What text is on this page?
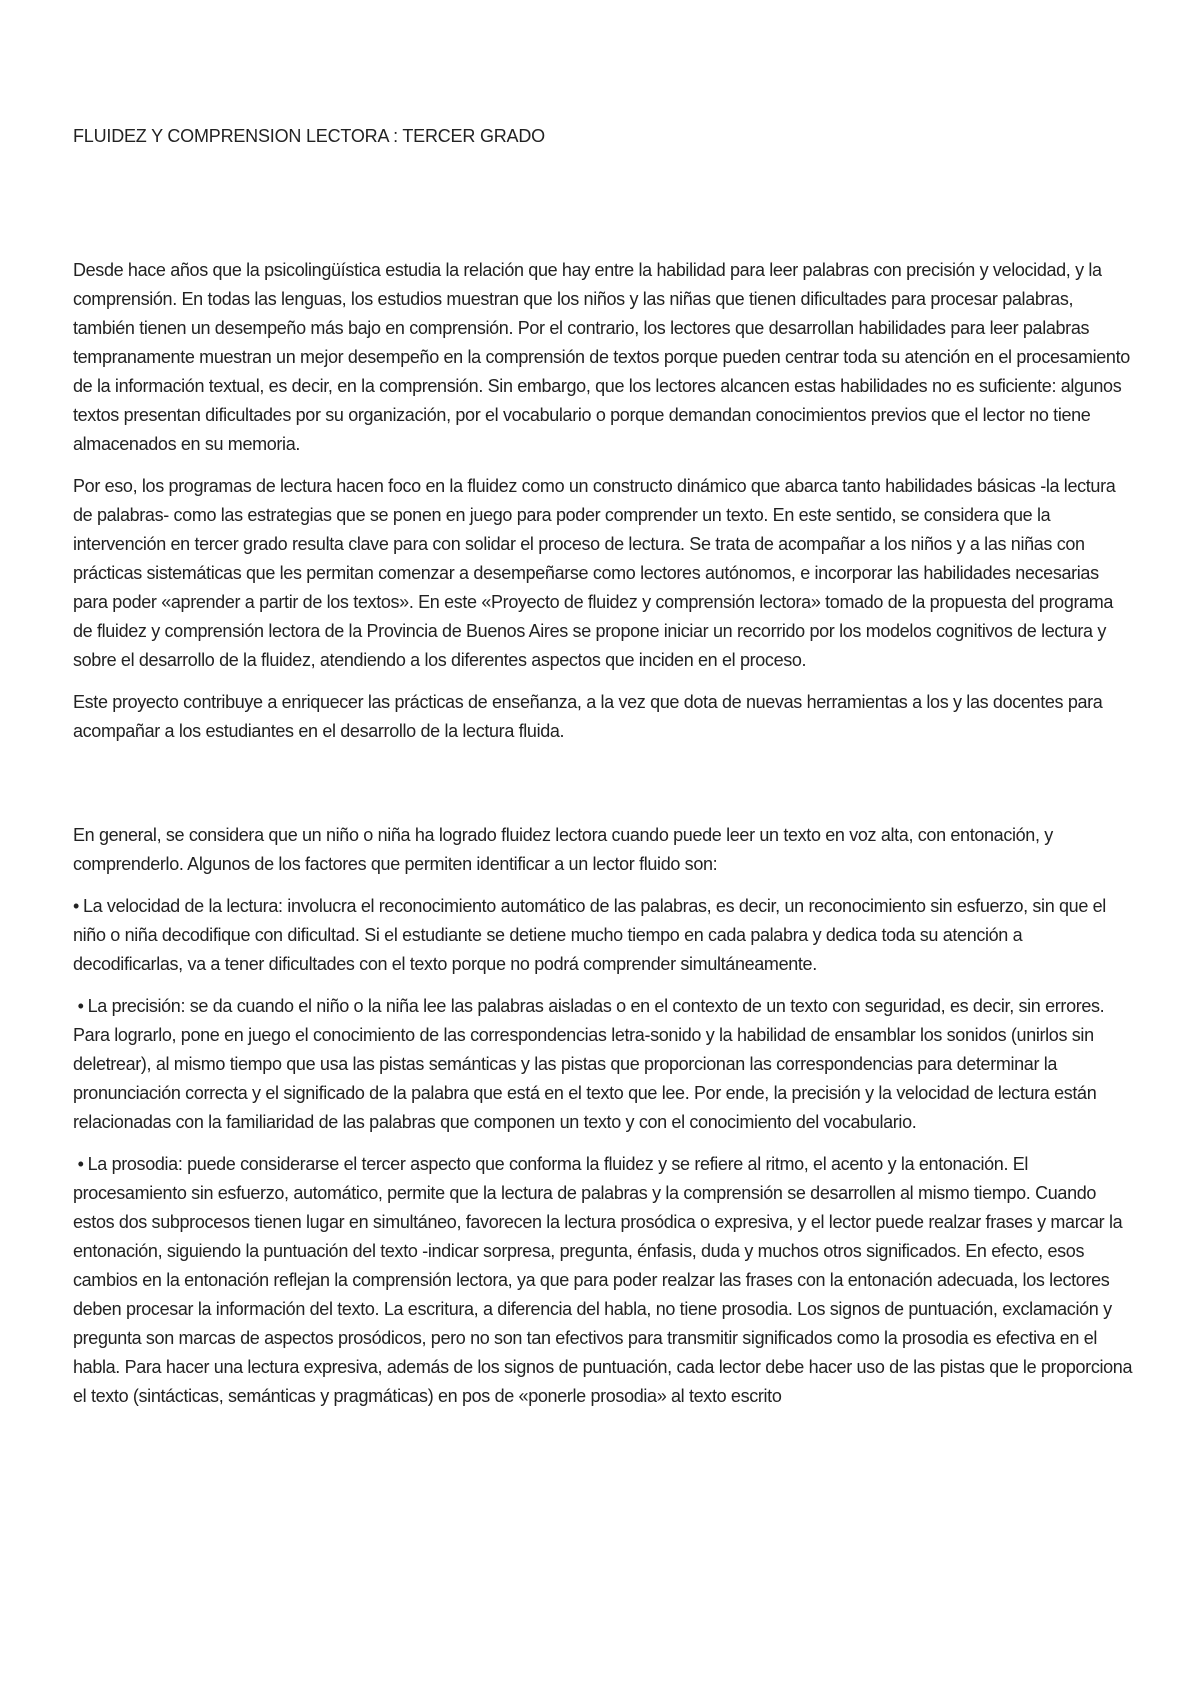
FLUIDEZ Y COMPRENSION LECTORA : TERCER GRADO

Desde hace años que la psicolingüística estudia la relación que hay entre la habilidad para leer palabras con precisión y velocidad, y la comprensión. En todas las lenguas, los estudios muestran que los niños y las niñas que tienen dificultades para procesar palabras, también tienen un desempeño más bajo en comprensión. Por el contrario, los lectores que desarrollan habilidades para leer palabras tempranamente muestran un mejor desempeño en la comprensión de textos porque pueden centrar toda su atención en el procesamiento de la información textual, es decir, en la comprensión. Sin embargo, que los lectores alcancen estas habilidades no es suficiente: algunos textos presentan dificultades por su organización, por el vocabulario o porque demandan conocimientos previos que el lector no tiene almacenados en su memoria.

Por eso, los programas de lectura hacen foco en la fluidez como un constructo dinámico que abarca tanto habilidades básicas -la lectura de palabras- como las estrategias que se ponen en juego para poder comprender un texto. En este sentido, se considera que la intervención en tercer grado resulta clave para con solidar el proceso de lectura. Se trata de acompañar a los niños y a las niñas con prácticas sistemáticas que les permitan comenzar a desempeñarse como lectores autónomos, e incorporar las habilidades necesarias para poder «aprender a partir de los textos». En este «Proyecto de fluidez y comprensión lectora» tomado de la propuesta del programa de fluidez y comprensión lectora de la Provincia de Buenos Aires se propone iniciar un recorrido por los modelos cognitivos de lectura y sobre el desarrollo de la fluidez, atendiendo a los diferentes aspectos que inciden en el proceso.

Este proyecto contribuye a enriquecer las prácticas de enseñanza, a la vez que dota de nuevas herramientas a los y las docentes para acompañar a los estudiantes en el desarrollo de la lectura fluida.

En general, se considera que un niño o niña ha logrado fluidez lectora cuando puede leer un texto en voz alta, con entonación, y comprenderlo. Algunos de los factores que permiten identificar a un lector fluido son:

• La velocidad de la lectura: involucra el reconocimiento automático de las palabras, es decir, un reconocimiento sin esfuerzo, sin que el niño o niña decodifique con dificultad. Si el estudiante se detiene mucho tiempo en cada palabra y dedica toda su atención a decodificarlas, va a tener dificultades con el texto porque no podrá comprender simultáneamente.

• La precisión: se da cuando el niño o la niña lee las palabras aisladas o en el contexto de un texto con seguridad, es decir, sin errores. Para lograrlo, pone en juego el conocimiento de las correspondencias letra-sonido y la habilidad de ensamblar los sonidos (unirlos sin deletrear), al mismo tiempo que usa las pistas semánticas y las pistas que proporcionan las correspondencias para determinar la pronunciación correcta y el significado de la palabra que está en el texto que lee. Por ende, la precisión y la velocidad de lectura están relacionadas con la familiaridad de las palabras que componen un texto y con el conocimiento del vocabulario.

• La prosodia: puede considerarse el tercer aspecto que conforma la fluidez y se refiere al ritmo, el acento y la entonación. El procesamiento sin esfuerzo, automático, permite que la lectura de palabras y la comprensión se desarrollen al mismo tiempo. Cuando estos dos subprocesos tienen lugar en simultáneo, favorecen la lectura prosódica o expresiva, y el lector puede realzar frases y marcar la entonación, siguiendo la puntuación del texto -indicar sorpresa, pregunta, énfasis, duda y muchos otros significados. En efecto, esos cambios en la entonación reflejan la comprensión lectora, ya que para poder realzar las frases con la entonación adecuada, los lectores deben procesar la información del texto. La escritura, a diferencia del habla, no tiene prosodia. Los signos de puntuación, exclamación y pregunta son marcas de aspectos prosódicos, pero no son tan efectivos para transmitir significados como la prosodia es efectiva en el habla. Para hacer una lectura expresiva, además de los signos de puntuación, cada lector debe hacer uso de las pistas que le proporciona el texto (sintácticas, semánticas y pragmáticas) en pos de «ponerle prosodia» al texto escrito
